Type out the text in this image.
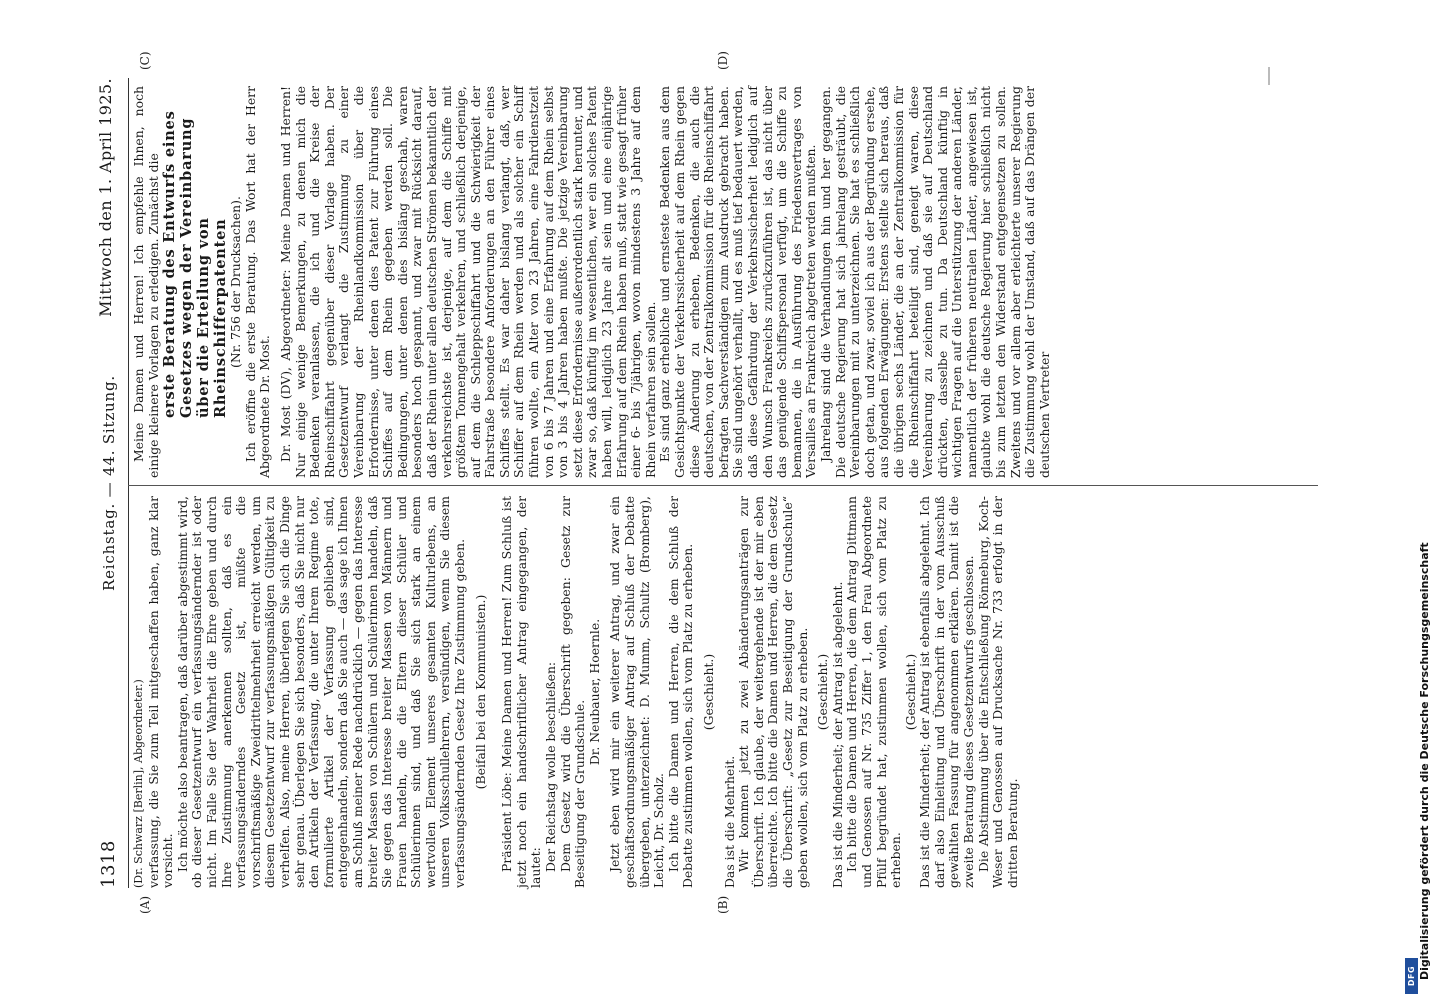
1318
Reichstag. — 44. Sitzung.
Mittwoch den 1. April 1925.
(A)	(B)
(C)	(D)

(Dr. Schwarz [Berlin], Abgeordneter.) verfassung, die Sie zum Teil mitgeschaffen haben, ganz klar vorsicht. Ich möchte also beantragen, daß darüber abgestimmt wird, ob dieser Gesetzentwurf ein verfassungsändernder ist oder nicht. Im Falle Sie der Wahrheit die Ehre geben und durch Ihre Zustimmung anerkennen sollten, daß es ein verfassungsänderndes Gesetz ist, müßte die vorschriftsmäßige Zweidrittelmehrheit erreicht werden, um diesem Gesetzentwurf zur verfassungsmäßigen Gültigkeit zu verhelfen. Also, meine Herren, überlegen Sie sich die Dinge sehr genau. Überlegen Sie sich besonders, daß Sie nicht nur den Artikeln der Verfassung, die unter Ihrem Regime tote, formulierte Artikel der Verfassung geblieben sind, entgegenhandeln, sondern daß Sie auch — das sage ich Ihnen am Schluß meiner Rede nachdrücklich — gegen das Interesse breiter Massen von Schülern und Schülerinnen handeln, daß Sie gegen das Interesse breiter Massen von Männern und Frauen handeln, die die Eltern dieser Schüler und Schülerinnen sind, und daß Sie sich stark an einem wertvollen Element unseres gesamten Kulturlebens, an unseren Volksschullehrern, versündigen, wenn Sie diesem verfassungsändernden Gesetz Ihre Zustimmung geben. (Beifall bei den Kommunisten.) Präsident Löbe: Meine Damen und Herren! Zum Schluß ist jetzt noch ein handschriftlicher Antrag eingegangen, der lautet: Der Reichstag wolle beschließen: Dem Gesetz wird die Überschrift gegeben: Gesetz zur Beseitigung der Grundschule.

Dr. Neubauer, Hoernle. Jetzt eben wird mir ein weiterer Antrag, und zwar ein geschäftsordnungsmäßiger Antrag auf Schluß der Debatte übergeben, unterzeichnet: D. Mumm, Schultz (Bromberg), Leicht, Dr. Scholz. Ich bitte die Damen und Herren, die dem Schluß der Debatte zustimmen wollen, sich vom Platz zu erheben. (Geschieht.)

Das ist die Mehrheit. Wir kommen jetzt zu zwei Abänderungsanträgen zur Überschrift. Ich glaube, der weitergehende ist der mir eben überreichte. Ich bitte die Damen und Herren, die dem Gesetz die Überschrift: „Gesetz zur Beseitigung der Grundschule“ geben wollen, sich vom Platz zu erheben. (Geschieht.) Das ist die Minderheit; der Antrag ist abgelehnt. Ich bitte die Damen und Herren, die dem Antrag Dittmann und Genossen auf Nr. 735 Ziffer 1, den Frau Abgeordnete Pfülf begründet hat, zustimmen wollen, sich vom Platz zu erheben.

(Geschieht.) Das ist die Minderheit; der Antrag ist ebenfalls abgelehnt. Ich darf also Einleitung und Überschrift in der vom Ausschuß gewählten Fassung für angenommen erklären. Damit ist die zweite Beratung dieses Gesetzentwurfs geschlossen. Die Abstimmung über die Entschließung Rönneburg, Koch-Weser und Genossen auf Drucksache Nr. 733 erfolgt in der dritten Beratung.

Meine Damen und Herren! Ich empfehle Ihnen, noch einige kleinere Vorlagen zu erledigen. Zunächst die erste Beratung des Entwurfs eines Gesetzes wegen der Vereinbarung über die Erteilung von Rheinschifferpatenten (Nr. 756 der Drucksachen). Ich eröffne die erste Beratung. Das Wort hat der Herr Abgeordnete Dr. Most. Dr. Most (DV), Abgeordneter: Meine Damen und Herren! Nur einige wenige Bemerkungen, zu denen mich die Bedenken veranlassen, die ich und die Kreise der Rheinschiffahrt gegenüber dieser Vorlage haben. Der Gesetzentwurf verlangt die Zustimmung zu einer Vereinbarung der Rheinlandkommission über die Erfordernisse, unter denen dies Patent zur Führung eines Schiffes auf dem Rhein gegeben werden soll. Die Bedingungen, unter denen dies bisläng geschah, waren besonders hoch gespannt, und zwar mit Rücksicht darauf, daß der Rhein unter allen deutschen Strömen bekanntlich der verkehrsreichste ist, derjenige, auf dem die Schiffe mit größtem Tonnengehalt verkehren, und schließlich derjenige, auf dem die Schleppschiffahrt und die Schwierigkeit der Fahrstraße besondere Anforderungen an den Führer eines Schiffes stellt. Es war daher bislang verlangt, daß, wer Schiffer auf dem Rhein werden und als solcher ein Schiff führen wollte, ein Alter von 23 Jahren, eine Fahrdienstzeit von 6 bis 7 Jahren und eine Erfahrung auf dem Rhein selbst von 3 bis 4 Jahren haben mußte. Die jetzige Vereinbarung setzt diese Erfordernisse außerordentlich stark herunter, und zwar so, daß künftig im wesentlichen, wer ein solches Patent haben will, lediglich 23 Jahre alt sein und eine einjährige Erfahrung auf dem Rhein haben muß, statt wie gesagt früher einer 6- bis 7jährigen, wovon mindestens 3 Jahre auf dem Rhein verfahren sein sollen. Es sind ganz erhebliche und ernsteste Bedenken aus dem Gesichtspunkte der Verkehrssicherheit auf dem Rhein gegen diese Änderung zu erheben, Bedenken, die auch die deutschen, von der Zentralkommission für die Rheinschiffahrt befragten Sachverständigen zum Ausdruck gebracht haben. Sie sind ungehört verhallt, und es muß tief bedauert werden, daß diese Gefährdung der Verkehrssicherheit lediglich auf den Wunsch Frankreichs zurückzuführen ist, das nicht über das genügende Schiffspersonal verfügt, um die Schiffe zu bemannen, die in Ausführung des Friedensvertrages von Versailles an Frankreich abgetreten werden mußten. Jahrelang sind die Verhandlungen hin und her gegangen. Die deutsche Regierung hat sich jahrelang gesträubt, die Vereinbarungen mit zu unterzeichnen. Sie hat es schließlich doch getan, und zwar, soviel ich aus der Begründung ersehe, aus folgenden Erwägungen: Erstens stellte sich heraus, daß die übrigen sechs Länder, die an der Zentralkommission für die Rheinschiffahrt beteiligt sind, geneigt waren, diese Vereinbarung zu zeichnen und daß sie auf Deutschland drückten, dasselbe zu tun. Da Deutschland künftig in wichtigen Fragen auf die Unterstützung der anderen Länder, namentlich der früheren neutralen Länder, angewiesen ist, glaubte wohl die deutsche Regierung hier schließlich nicht bis zum letzten den Widerstand entgegensetzen zu sollen. Zweitens und vor allem aber erleichterte unserer Regierung die Zustimmung wohl der Umstand, daß auf das Drängen der deutschen Vertreter

Digitalisierung gefördert durch die Deutsche Forschungsgemeinschaft
DFG
